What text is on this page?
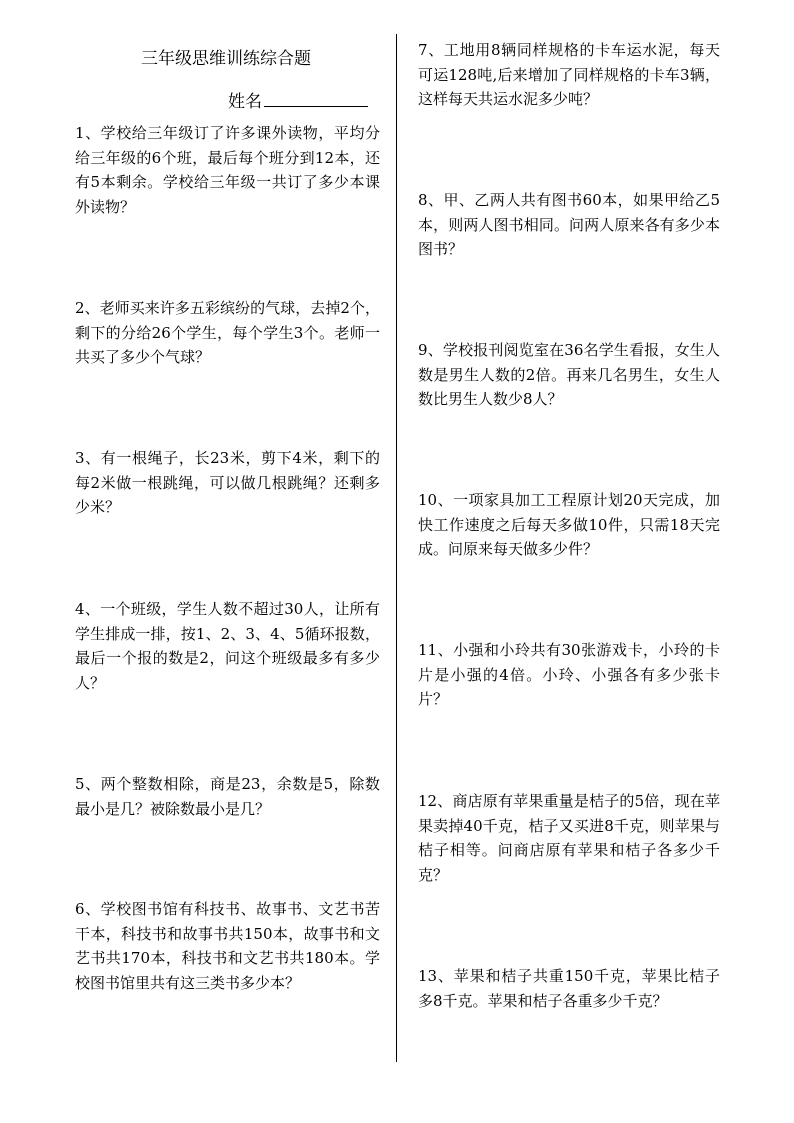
三年级思维训练综合题
姓名

1、学校给三年级订了许多课外读物，平均分给三年级的6个班，最后每个班分到12本，还有5本剩余。学校给三年级一共订了多少本课外读物？

2、老师买来许多五彩缤纷的气球，去掉2个，剩下的分给26个学生，每个学生3个。老师一共买了多少个气球？

3、有一根绳子，长23米，剪下4米，剩下的每2米做一根跳绳，可以做几根跳绳？还剩多少米？

4、一个班级，学生人数不超过30人，让所有学生排成一排，按1、2、3、4、5循环报数，最后一个报的数是2，问这个班级最多有多少人？

5、两个整数相除，商是23，余数是5，除数最小是几？被除数最小是几？

6、学校图书馆有科技书、故事书、文艺书苦干本，科技书和故事书共150本，故事书和文艺书共170本，科技书和文艺书共180本。学校图书馆里共有这三类书多少本？

7、工地用8辆同样规格的卡车运水泥，每天可运128吨,后来增加了同样规格的卡车3辆，这样每天共运水泥多少吨？

8、甲、乙两人共有图书60本，如果甲给乙5本，则两人图书相同。问两人原来各有多少本图书？

9、学校报刊阅览室在36名学生看报，女生人数是男生人数的2倍。再来几名男生，女生人数比男生人数少8人？

10、一项家具加工工程原计划20天完成，加快工作速度之后每天多做10件，只需18天完成。问原来每天做多少件？

11、小强和小玲共有30张游戏卡，小玲的卡片是小强的4倍。小玲、小强各有多少张卡片？

12、商店原有苹果重量是桔子的5倍，现在苹果卖掉40千克，桔子又买进8千克，则苹果与桔子相等。问商店原有苹果和桔子各多少千克？

13、苹果和桔子共重150千克，苹果比桔子多8千克。苹果和桔子各重多少千克？
